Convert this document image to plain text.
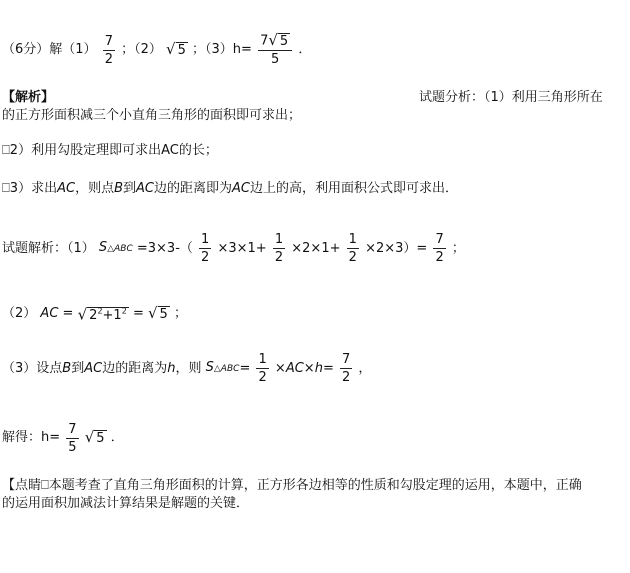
（6分）解$(1) \frac{7}{2}$ ；（2） √ 5 ；$(3)h= \frac{7√ 5}{5}$ ．
【解析】	试题分析：（1）利用三角形所在
的正方形面积减三个小直角三角形的面积即可求出；
⎕2）利用勾股定理即可求出AC的长；
⎕3）求出AC，则点B到AC边的距离即为AC边上的高，利用面积公式即可求出．
试题解析：（1） S△ABC $=3\times 3-( \frac{1}{2} \times 3\times 1+ \frac{1}{2} \times 2\times 1+ \frac{1}{2} \times 2\times 3)= \frac{7}{2}$ ；
（2） AC = √ $2^2+1^2$ = √ 5 ；
（3）设点B到AC边的距离为h，则 S△ABC= $\frac{1}{2} \times AC\times h= \frac{7}{2}$ ，
解得：$h= \frac{7}{5}$ √ 5 ．
【点睛⎕本题考查了直角三角形面积的计算，正方形各边相等的性质和勾股定理的运用，本题中，正确
的运用面积加减法计算结果是解题的关键．
